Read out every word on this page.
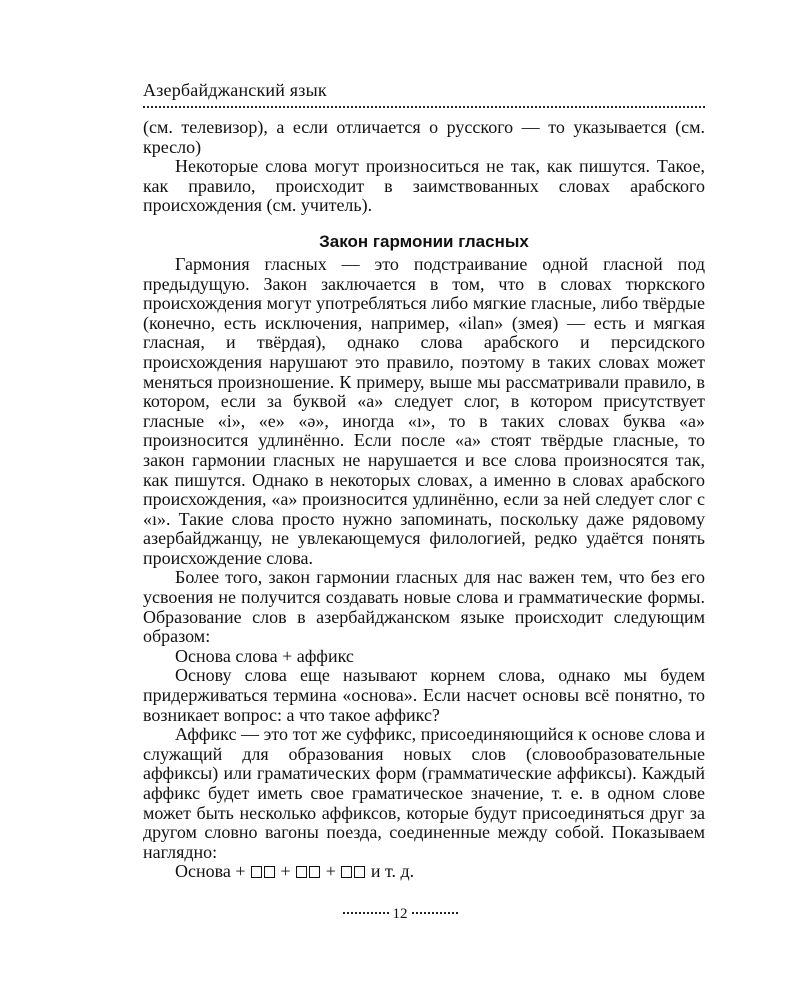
Азербайджанский язык

(см. телевизор), а если отличается о русского — то указывается (см. кресло)

Некоторые слова могут произноситься не так, как пишутся. Такое, как правило, происходит в заимствованных словах арабского происхождения (см. учитель).

Закон гармонии гласных

Гармония гласных — это подстраивание одной гласной под предыдущую. Закон заключается в том, что в словах тюркского происхождения могут употребляться либо мягкие гласные, либо твёрдые (конечно, есть исключения, например, «ilan» (змея) — есть и мягкая гласная, и твёрдая), однако слова арабского и персидского происхождения нарушают это правило, поэтому в таких словах может меняться произношение. К примеру, выше мы рассматривали правило, в котором, если за буквой «а» следует слог, в котором присутствует гласные «i», «е» «ә», иногда «ı», то в таких словах буква «а» произносится удлинённо. Если после «а» стоят твёрдые гласные, то закон гармонии гласных не нарушается и все слова произносятся так, как пишутся. Однако в некоторых словах, а именно в словах арабского происхождения, «а» произносится удлинённо, если за ней следует слог с «ı». Такие слова просто нужно запоминать, поскольку даже рядовому азербайджанцу, не увлекающемуся филологией, редко удаётся понять происхождение слова.

Более того, закон гармонии гласных для нас важен тем, что без его усвоения не получится создавать новые слова и грамматические формы. Образование слов в азербайджанском языке происходит следующим образом:

Основа слова + аффикс

Основу слова еще называют корнем слова, однако мы будем придерживаться термина «основа». Если насчет основы всё понятно, то возникает вопрос: а что такое аффикс?

Аффикс — это тот же суффикс, присоединяющийся к основе слова и служащий для образования новых слов (словообразовательные аффиксы) или граматических форм (грамматические аффиксы). Каждый аффикс будет иметь свое граматическое значение, т. е. в одном слове может быть несколько аффиксов, которые будут присоединяться друг за другом словно вагоны поезда, соединенные между собой. Показываем наглядно:

Основа + + + и т. д.

12
